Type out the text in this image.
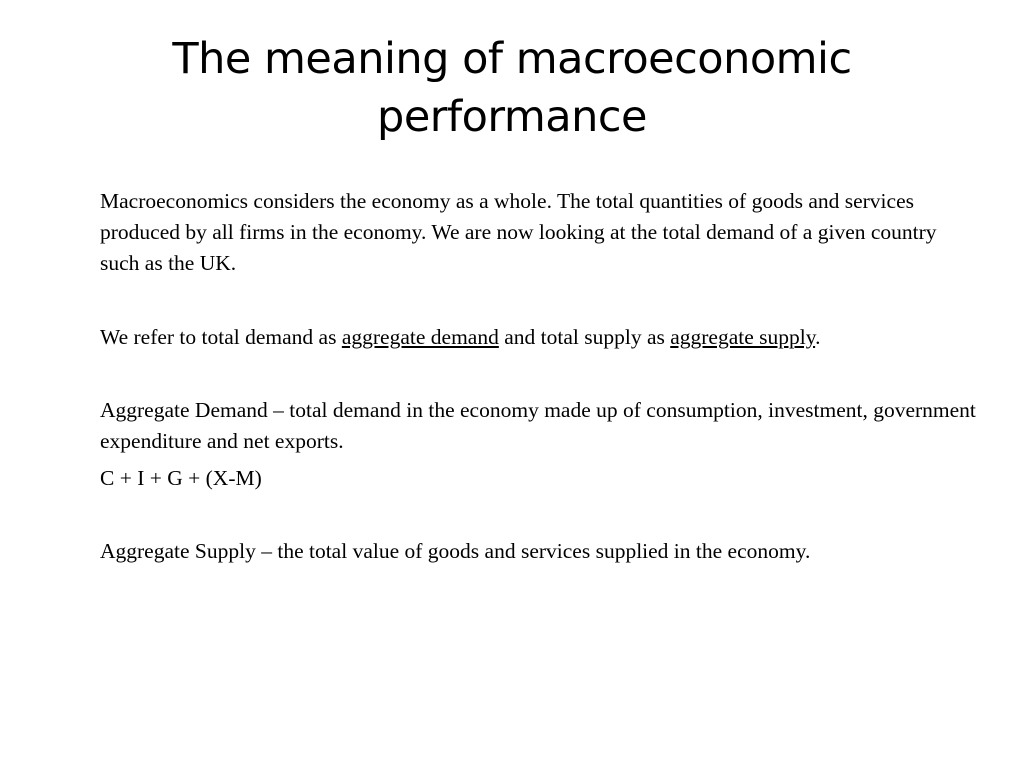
The meaning of macroeconomic performance

Macroeconomics considers the economy as a whole. The total quantities of goods and services produced by all firms in the economy. We are now looking at the total demand of a given country such as the UK.

We refer to total demand as aggregate demand and total supply as aggregate supply.

Aggregate Demand – total demand in the economy made up of consumption, investment, government expenditure and net exports.

C + I + G + (X-M)

Aggregate Supply – the total value of goods and services supplied in the economy.
